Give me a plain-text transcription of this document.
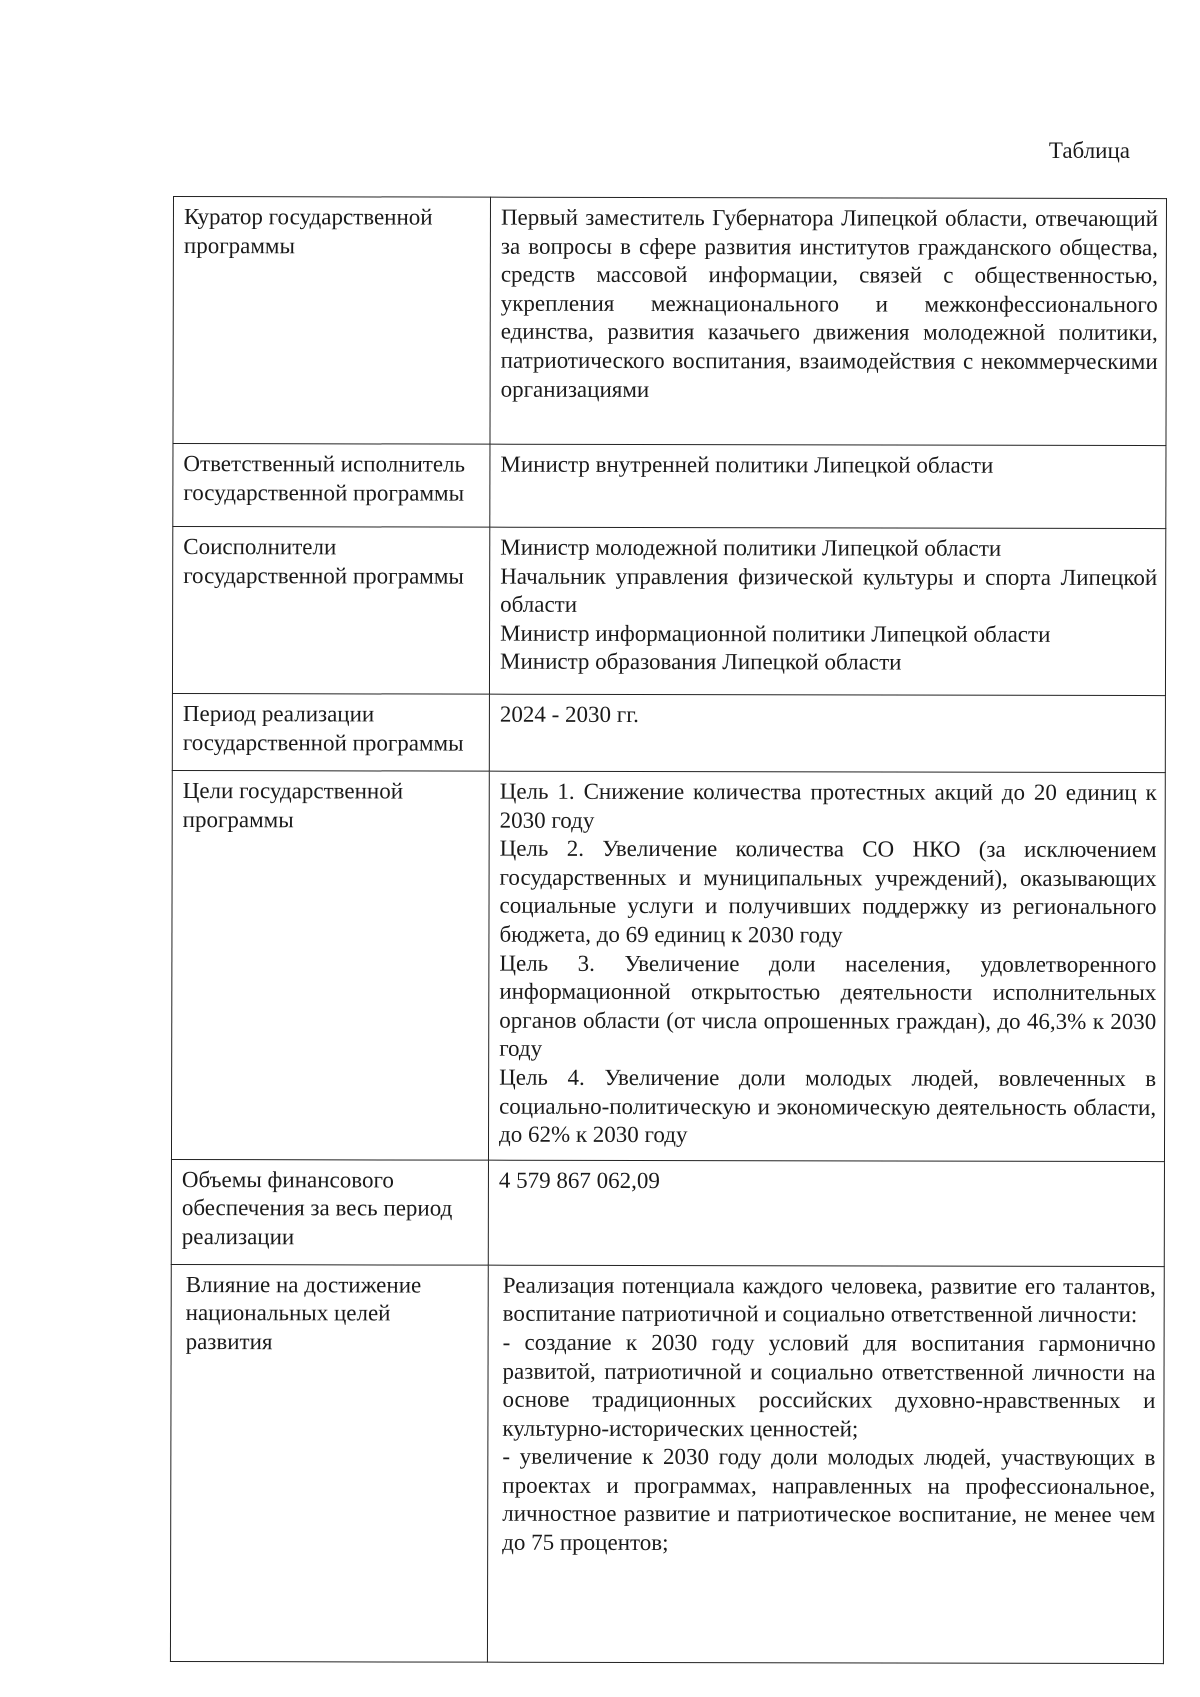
Таблица
Куратор государственной программы	Первый заместитель Губернатора Липецкой области, отвечающий за вопросы в сфере развития институтов гражданского общества, средств массовой информации, связей с общественностью, укрепления межнационального и межконфессионального единства, развития казачьего движения молодежной политики, патриотического воспитания, взаимодействия с некоммерческими организациями

Ответственный исполнитель государственной программы	Министр внутренней политики Липецкой области

Соисполнители государственной программы	Министр молодежной политики Липецкой области

Начальник управления физической культуры и спорта Липецкой области

Министр информационной политики Липецкой области

Министр образования Липецкой области

Период реализации государственной программы	2024 - 2030 гг.

Цели государственной программы	Цель 1. Снижение количества протестных акций до 20 единиц к 2030 году

Цель 2. Увеличение количества СО НКО (за исключением государственных и муниципальных учреждений), оказывающих социальные услуги и получивших поддержку из регионального бюджета, до 69 единиц к 2030 году

Цель 3. Увеличение доли населения, удовлетворенного информационной открытостью деятельности исполнительных органов области (от числа опрошенных граждан), до 46,3% к 2030 году

Цель 4. Увеличение доли молодых людей, вовлеченных в социально-политическую и экономическую деятельность области, до 62% к 2030 году

Объемы финансового обеспечения за весь период реализации	4 579 867 062,09

Влияние на достижение национальных целей развития	Реализация потенциала каждого человека, развитие его талантов, воспитание патриотичной и социально ответственной личности:

- создание к 2030 году условий для воспитания гармонично развитой, патриотичной и социально ответственной личности на основе традиционных российских духовно-нравственных и культурно-исторических ценностей;

- увеличение к 2030 году доли молодых людей, участвующих в проектах и программах, направленных на профессиональное, личностное развитие и патриотическое воспитание, не менее чем до 75 процентов;
